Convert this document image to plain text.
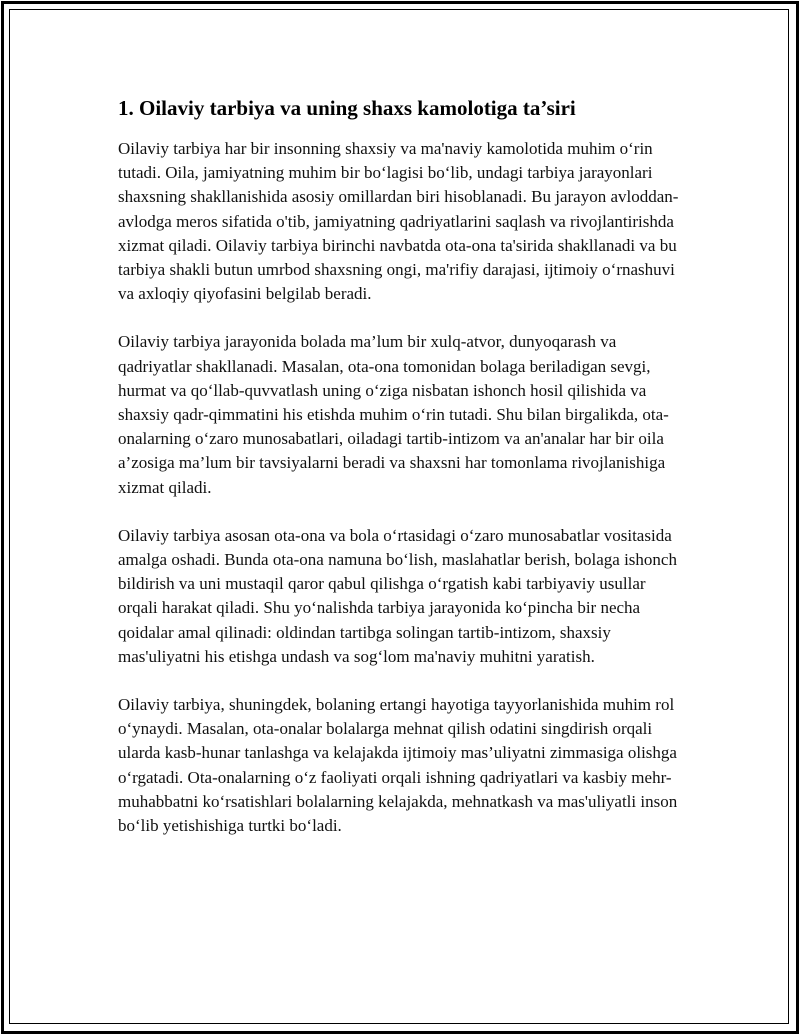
1. Oilaviy tarbiya va uning shaxs kamolotiga ta’siri

Oilaviy tarbiya har bir insonning shaxsiy va ma'naviy kamolotida muhim o‘rin tutadi. Oila, jamiyatning muhim bir bo‘lagisi bo‘lib, undagi tarbiya jarayonlari shaxsning shakllanishida asosiy omillardan biri hisoblanadi. Bu jarayon avloddan-avlodga meros sifatida o'tib, jamiyatning qadriyatlarini saqlash va rivojlantirishda xizmat qiladi. Oilaviy tarbiya birinchi navbatda ota-ona ta'sirida shakllanadi va bu tarbiya shakli butun umrbod shaxsning ongi, ma'rifiy darajasi, ijtimoiy o‘rnashuvi va axloqiy qiyofasini belgilab beradi.

Oilaviy tarbiya jarayonida bolada ma’lum bir xulq-atvor, dunyoqarash va qadriyatlar shakllanadi. Masalan, ota-ona tomonidan bolaga beriladigan sevgi, hurmat va qo‘llab-quvvatlash uning o‘ziga nisbatan ishonch hosil qilishida va shaxsiy qadr-qimmatini his etishda muhim o‘rin tutadi. Shu bilan birgalikda, ota-onalarning o‘zaro munosabatlari, oiladagi tartib-intizom va an'analar har bir oila a’zosiga ma’lum bir tavsiyalarni beradi va shaxsni har tomonlama rivojlanishiga xizmat qiladi.

Oilaviy tarbiya asosan ota-ona va bola o‘rtasidagi o‘zaro munosabatlar vositasida amalga oshadi. Bunda ota-ona namuna bo‘lish, maslahatlar berish, bolaga ishonch bildirish va uni mustaqil qaror qabul qilishga o‘rgatish kabi tarbiyaviy usullar orqali harakat qiladi. Shu yo‘nalishda tarbiya jarayonida ko‘pincha bir necha qoidalar amal qilinadi: oldindan tartibga solingan tartib-intizom, shaxsiy mas'uliyatni his etishga undash va sog‘lom ma'naviy muhitni yaratish.

Oilaviy tarbiya, shuningdek, bolaning ertangi hayotiga tayyorlanishida muhim rol o‘ynaydi. Masalan, ota-onalar bolalarga mehnat qilish odatini singdirish orqali ularda kasb-hunar tanlashga va kelajakda ijtimoiy mas’uliyatni zimmasiga olishga o‘rgatadi. Ota-onalarning o‘z faoliyati orqali ishning qadriyatlari va kasbiy mehr-muhabbatni ko‘rsatishlari bolalarning kelajakda, mehnatkash va mas'uliyatli inson bo‘lib yetishishiga turtki bo‘ladi.
